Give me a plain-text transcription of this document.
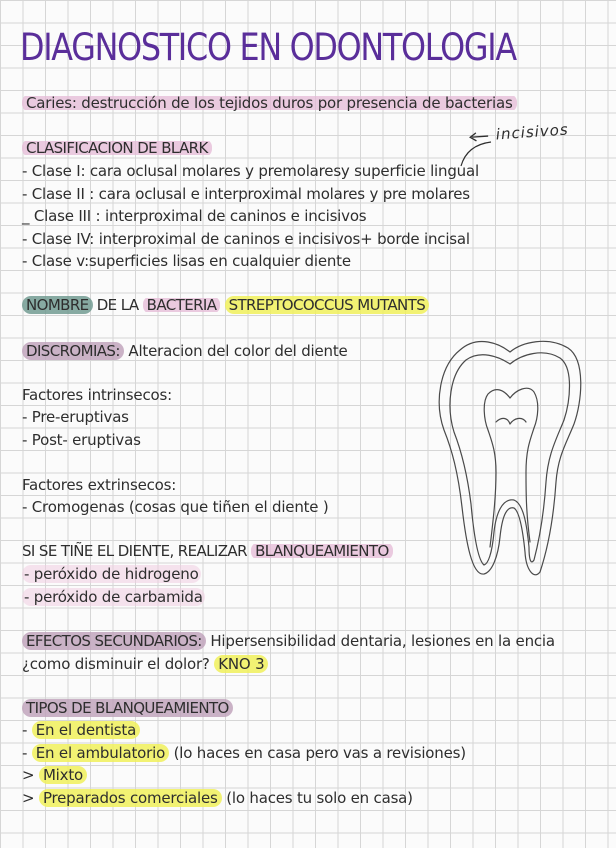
DIAGNOSTICO EN ODONTOLOGIA
Caries: destrucción de los tejidos duros por presencia de bacterias
CLASIFICACION DE BLARK
incisivos
- Clase I: cara oclusal molares y premolaresy superficie lingual
- Clase II : cara oclusal e interproximal molares y pre molares
_ Clase III : interproximal de caninos e incisivos
- Clase IV: interproximal de caninos e incisivos+ borde incisal
- Clase v:superficies lisas en cualquier diente
NOMBRE DE LA BACTERIA STREPTOCOCCUS MUTANTS
DISCROMIAS: Alteracion del color del diente
Factores intrinsecos:
- Pre-eruptivas
- Post- eruptivas
Factores extrinsecos:
- Cromogenas (cosas que tiñen el diente )
SI SE TIÑE EL DIENTE, REALIZAR BLANQUEAMIENTO
- peróxido de hidrogeno
- peróxido de carbamida
EFECTOS SECUNDARIOS: Hipersensibilidad dentaria, lesiones en la encia
¿como disminuir el dolor? KNO 3
TIPOS DE BLANQUEAMIENTO
- En el dentista
- En el ambulatorio (lo haces en casa pero vas a revisiones)
> Mixto
> Preparados comerciales (lo haces tu solo en casa)
